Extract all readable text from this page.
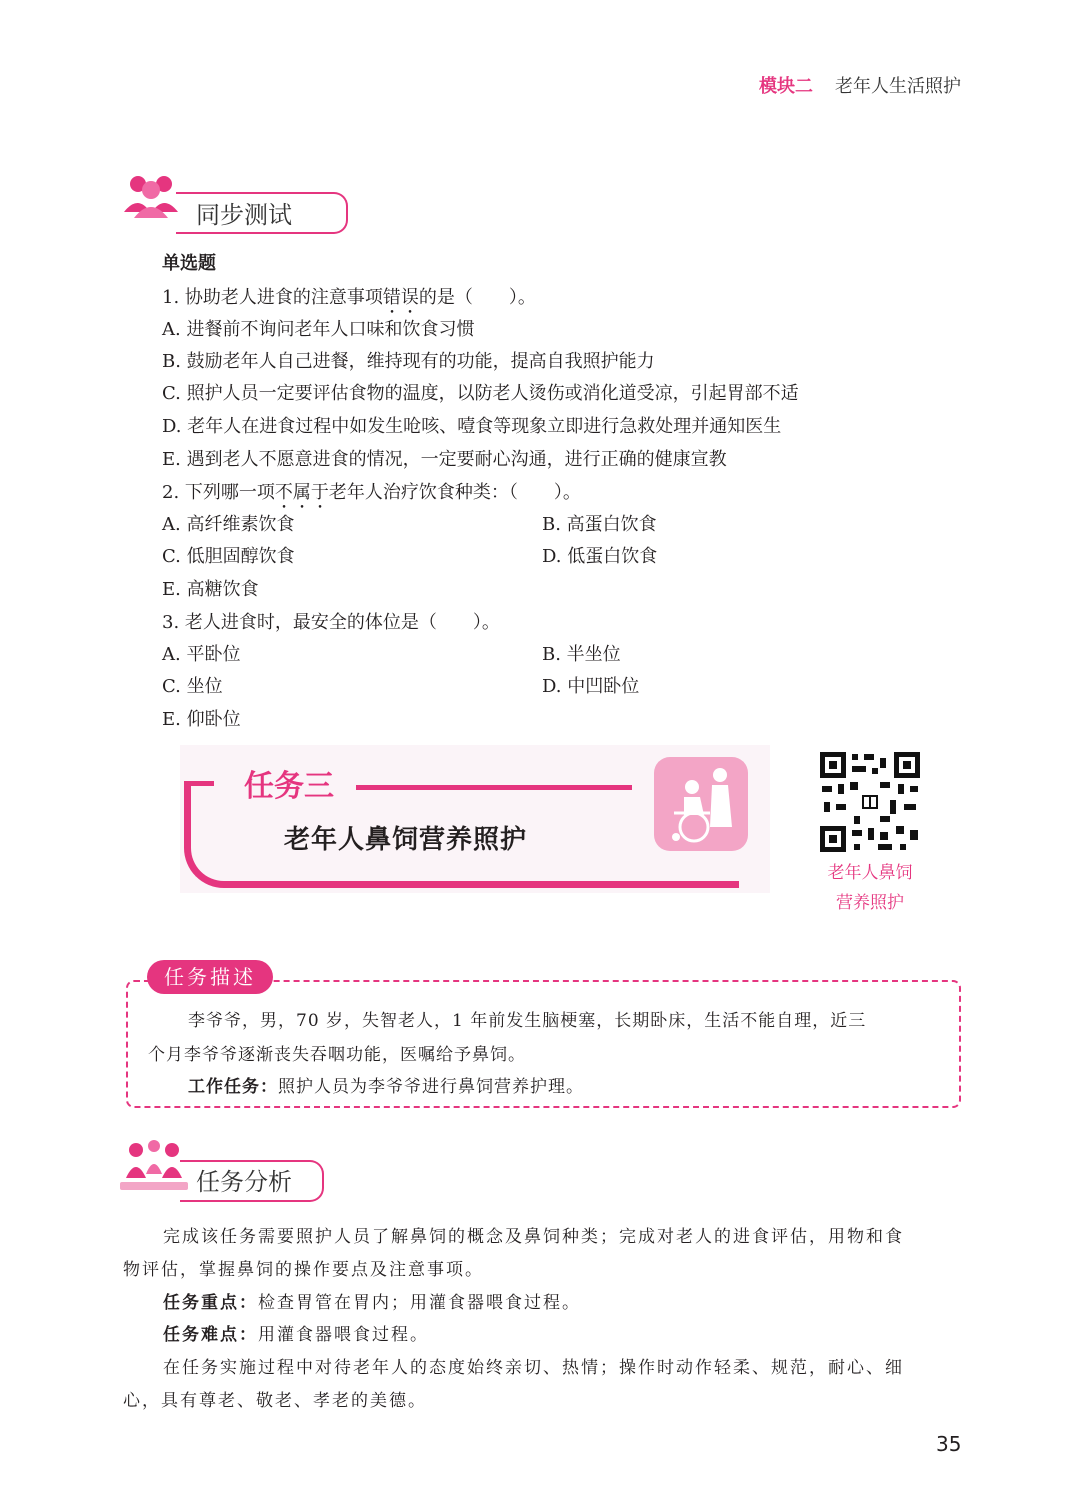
模块二 老年人生活照护
同步测试
单选题
1. 协助老人进食的注意事项错误的是（　　）。
A. 进餐前不询问老年人口味和饮食习惯
B. 鼓励老年人自己进餐，维持现有的功能，提高自我照护能力
C. 照护人员一定要评估食物的温度，以防老人烫伤或消化道受凉，引起胃部不适
D. 老年人在进食过程中如发生呛咳、噎食等现象立即进行急救处理并通知医生
E. 遇到老人不愿意进食的情况，一定要耐心沟通，进行正确的健康宣教
2. 下列哪一项不属于老年人治疗饮食种类：（　　）。
A. 高纤维素饮食	B. 高蛋白饮食
C. 低胆固醇饮食	D. 低蛋白饮食
E. 高糖饮食
3. 老人进食时，最安全的体位是（　　）。
A. 平卧位	B. 半坐位
C. 坐位	D. 中凹卧位
E. 仰卧位
任务三
老年人鼻饲营养照护
老年人鼻饲
营养照护
任务描述
李爷爷，男，70 岁，失智老人，1 年前发生脑梗塞，长期卧床，生活不能自理，近三
个月李爷爷逐渐丧失吞咽功能，医嘱给予鼻饲。
工作任务：照护人员为李爷爷进行鼻饲营养护理。
任务分析
完成该任务需要照护人员了解鼻饲的概念及鼻饲种类；完成对老人的进食评估，用物和食
物评估，掌握鼻饲的操作要点及注意事项。
任务重点：检查胃管在胃内；用灌食器喂食过程。
任务难点：用灌食器喂食过程。
在任务实施过程中对待老年人的态度始终亲切、热情；操作时动作轻柔、规范，耐心、细
心，具有尊老、敬老、孝老的美德。
35
